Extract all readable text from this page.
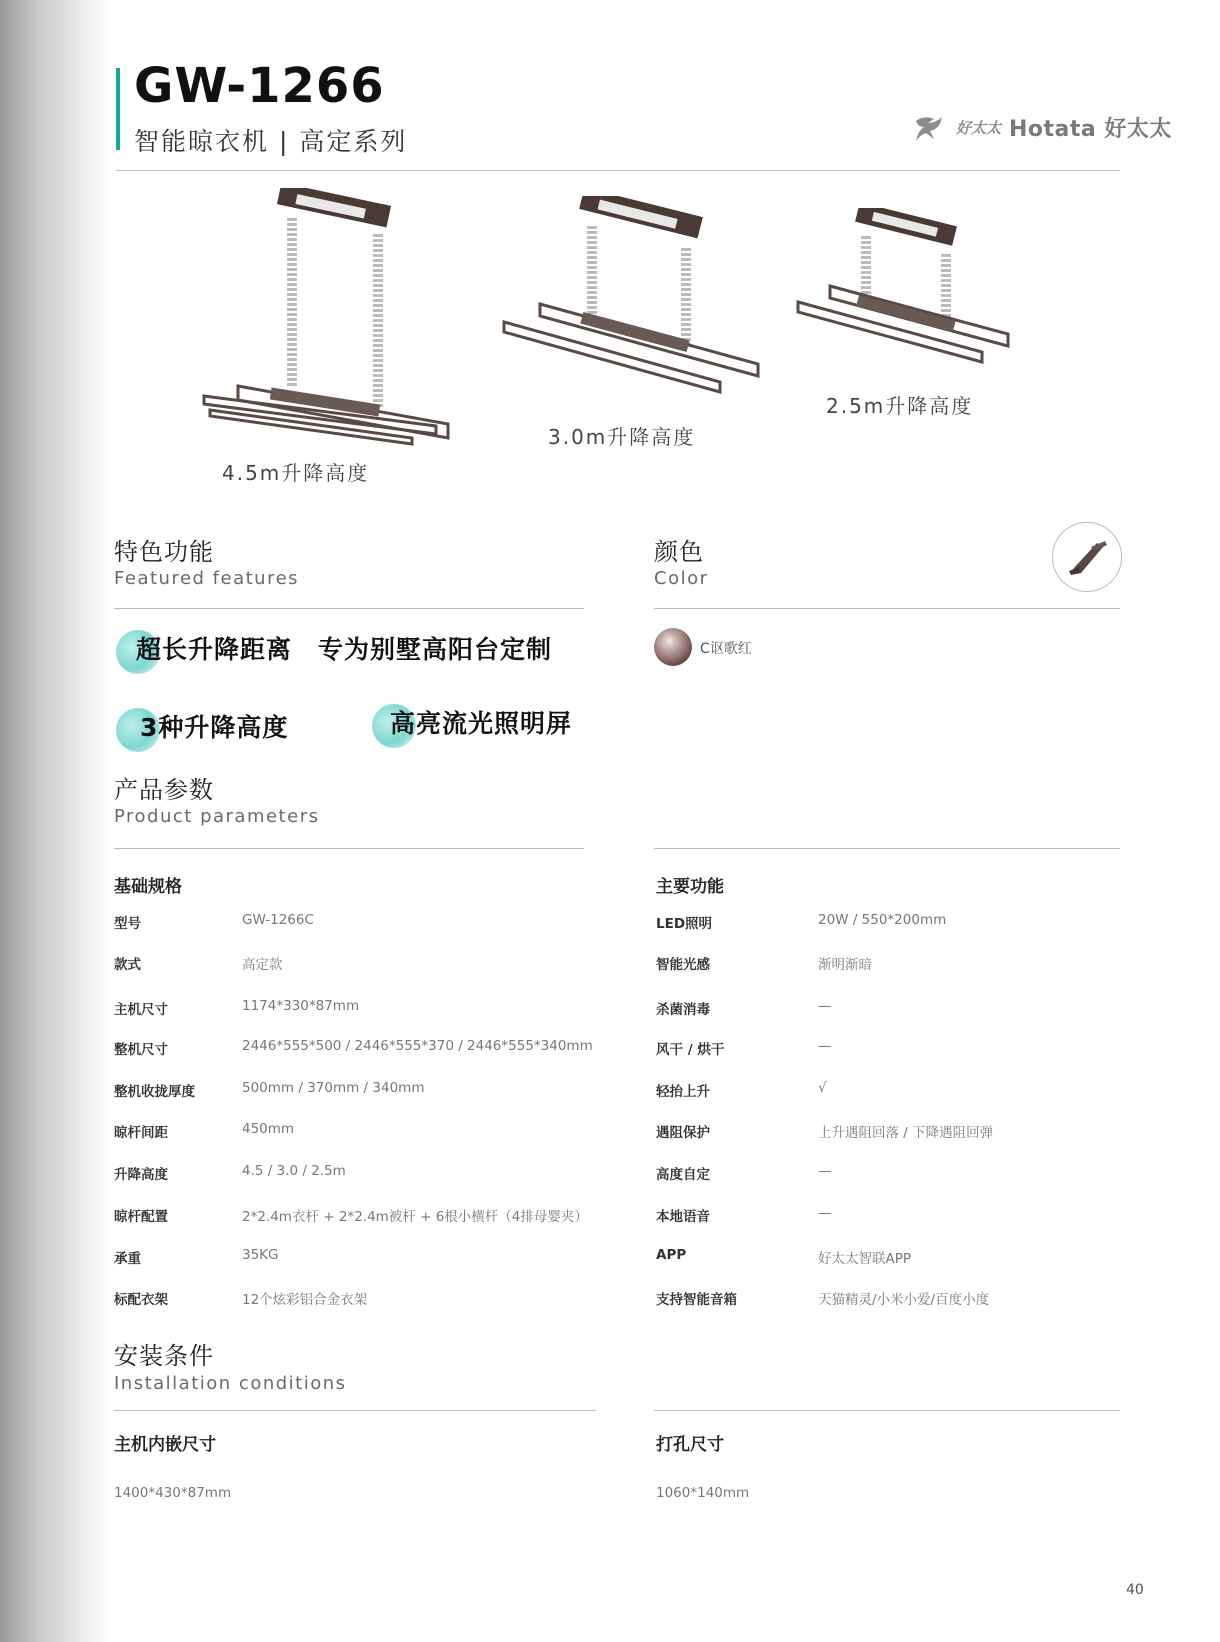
GW-1266
智能晾衣机 | 高定系列	好太太 Hotata 好太太
4.5m升降高度
3.0m升降高度
2.5m升降高度
特色功能
Featured features
超长升降距离 专为别墅高阳台定制
3种升降高度	高亮流光照明屏
颜色
Color
C讴歌红
产品参数
Product parameters
基础规格	主要功能
型号	GW-1266C
款式	高定款
主机尺寸	1174*330*87mm
整机尺寸	2446*555*500 / 2446*555*370 / 2446*555*340mm
整机收拢厚度	500mm / 370mm / 340mm
晾杆间距	450mm
升降高度	4.5 / 3.0 / 2.5m
晾杆配置	2*2.4m衣杆 + 2*2.4m被杆 + 6根小横杆（4排母婴夹）
承重	35KG
标配衣架	12个炫彩铝合金衣架
LED照明	20W / 550*200mm
智能光感	渐明渐暗
杀菌消毒	—
风干 / 烘干	—
轻抬上升	√
遇阻保护	上升遇阻回落 / 下降遇阻回弹
高度自定	—
本地语音	—
APP	好太太智联APP
支持智能音箱	天猫精灵/小米小爱/百度小度
安装条件
Installation conditions
主机内嵌尺寸
1400*430*87mm
打孔尺寸
1060*140mm
40
